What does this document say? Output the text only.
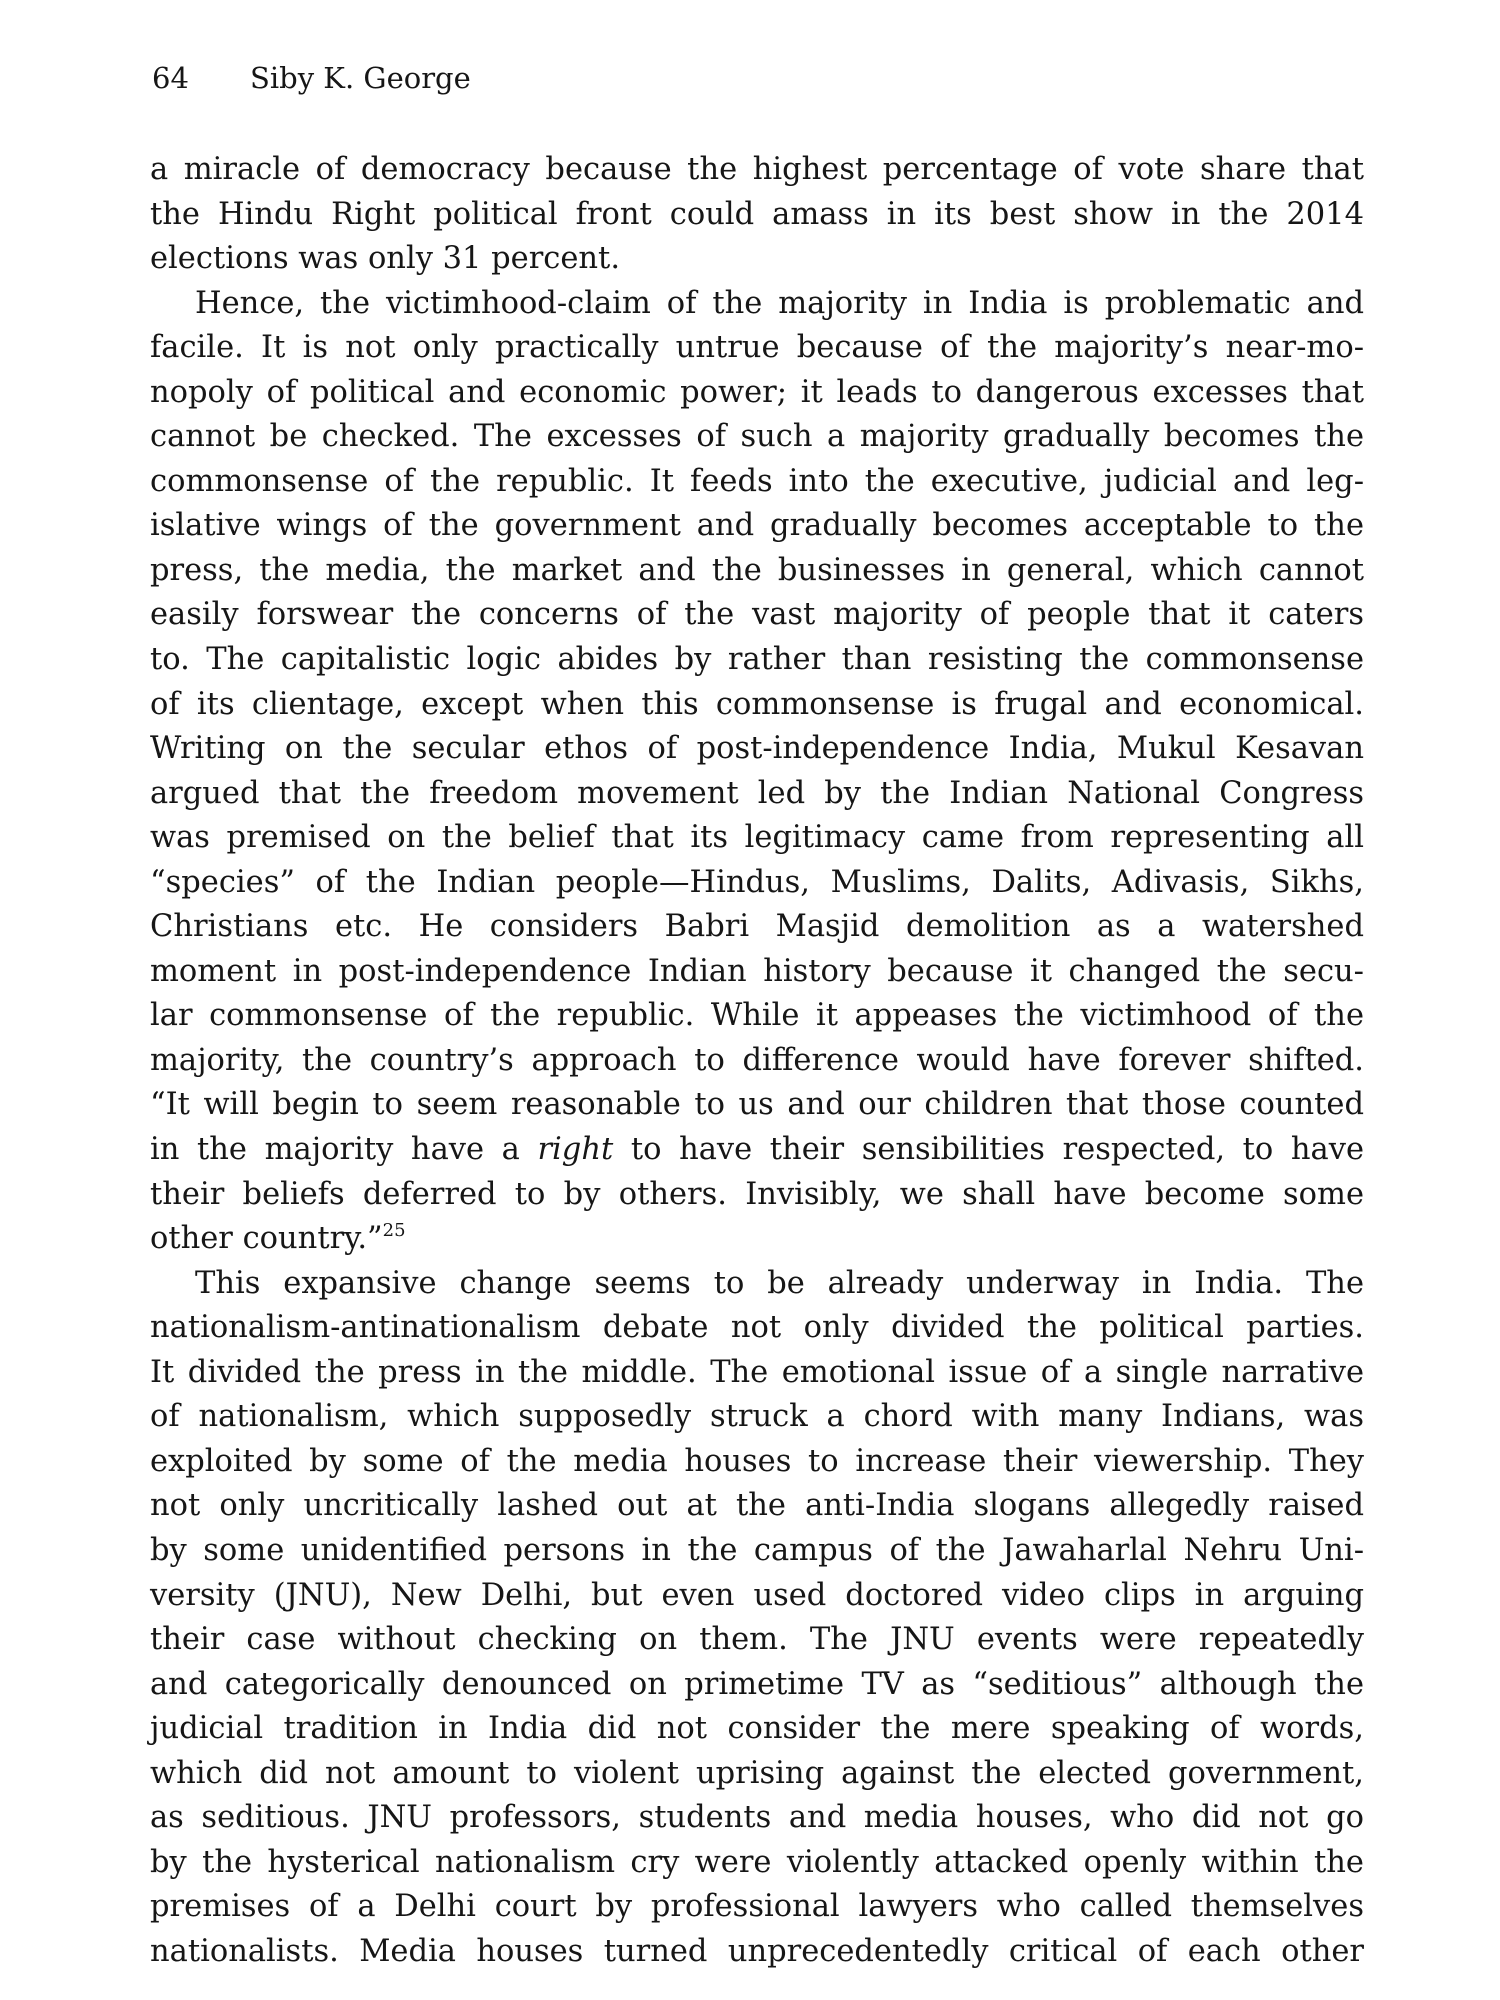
64 Siby K. George
a miracle of democracy because the highest percentage of vote share that
the Hindu Right political front could amass in its best show in the 2014
elections was only 31 percent.
Hence, the victimhood-claim of the majority in India is problematic and
facile. It is not only practically untrue because of the majority’s near-mo-
nopoly of political and economic power; it leads to dangerous excesses that
cannot be checked. The excesses of such a majority gradually becomes the
commonsense of the republic. It feeds into the executive, judicial and leg-
islative wings of the government and gradually becomes acceptable to the
press, the media, the market and the businesses in general, which cannot
easily forswear the concerns of the vast majority of people that it caters
to. The capitalistic logic abides by rather than resisting the commonsense
of its clientage, except when this commonsense is frugal and economical.
Writing on the secular ethos of post-independence India, Mukul Kesavan
argued that the freedom movement led by the Indian National Congress
was premised on the belief that its legitimacy came from representing all
“species” of the Indian people—Hindus, Muslims, Dalits, Adivasis, Sikhs,
Christians etc. He considers Babri Masjid demolition as a watershed
moment in post-independence Indian history because it changed the secu-
lar commonsense of the republic. While it appeases the victimhood of the
majority, the country’s approach to difference would have forever shifted.
“It will begin to seem reasonable to us and our children that those counted
in the majority have a right to have their sensibilities respected, to have
their beliefs deferred to by others. Invisibly, we shall have become some
other country.”$^{25}$
This expansive change seems to be already underway in India. The
nationalism-antinationalism debate not only divided the political parties.
It divided the press in the middle. The emotional issue of a single narrative
of nationalism, which supposedly struck a chord with many Indians, was
exploited by some of the media houses to increase their viewership. They
not only uncritically lashed out at the anti-India slogans allegedly raised
by some unidentified persons in the campus of the Jawaharlal Nehru Uni-
versity (JNU), New Delhi, but even used doctored video clips in arguing
their case without checking on them. The JNU events were repeatedly
and categorically denounced on primetime TV as “seditious” although the
judicial tradition in India did not consider the mere speaking of words,
which did not amount to violent uprising against the elected government,
as seditious. JNU professors, students and media houses, who did not go
by the hysterical nationalism cry were violently attacked openly within the
premises of a Delhi court by professional lawyers who called themselves
nationalists. Media houses turned unprecedentedly critical of each other
